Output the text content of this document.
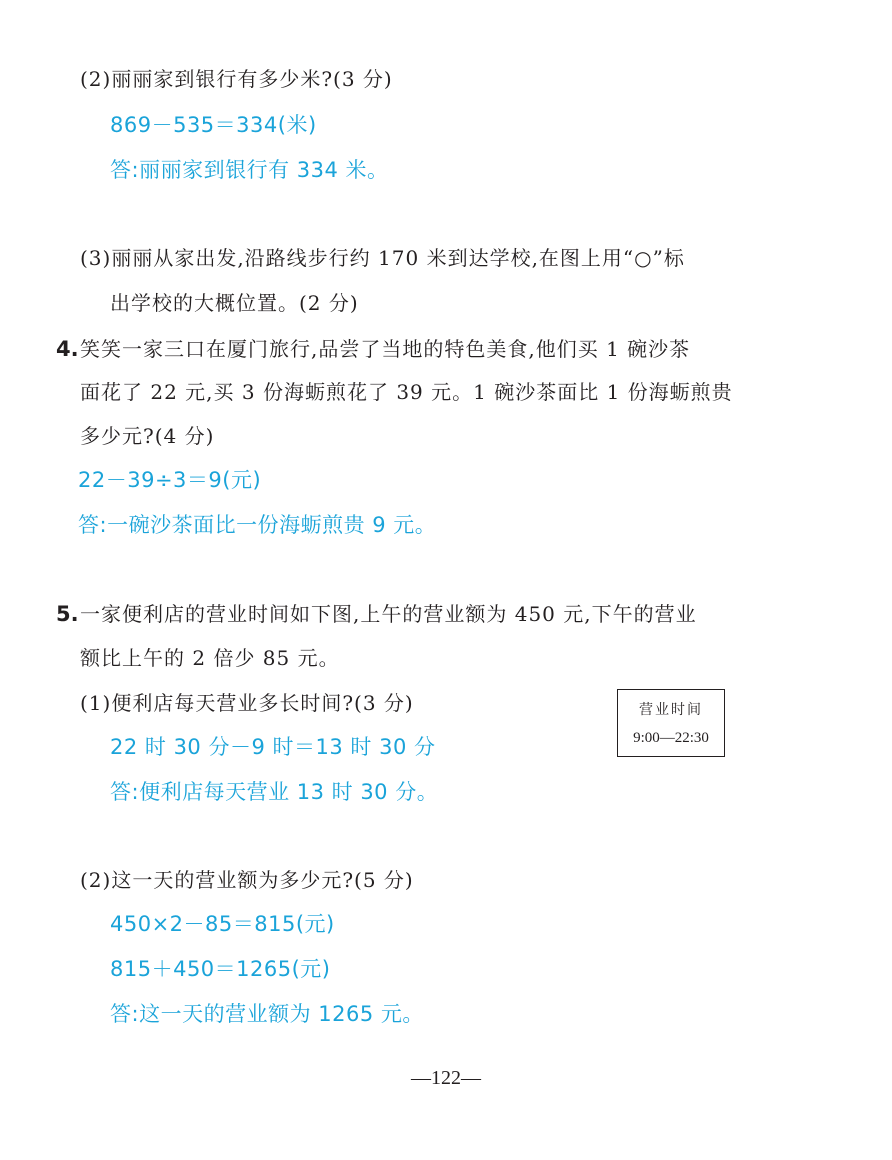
(2)丽丽家到银行有多少米?(3 分)
869－535＝334(米)
答:丽丽家到银行有 334 米。
(3)丽丽从家出发,沿路线步行约 170 米到达学校,在图上用“○”标
出学校的大概位置。(2 分)
4. 笑笑一家三口在厦门旅行,品尝了当地的特色美食,他们买 1 碗沙茶
面花了 22 元,买 3 份海蛎煎花了 39 元。1 碗沙茶面比 1 份海蛎煎贵
多少元?(4 分)
22－39÷3＝9(元)
答:一碗沙茶面比一份海蛎煎贵 9 元。
5. 一家便利店的营业时间如下图,上午的营业额为 450 元,下午的营业
额比上午的 2 倍少 85 元。
营业时间
9:00—22:30
(1)便利店每天营业多长时间?(3 分)
22 时 30 分－9 时＝13 时 30 分
答:便利店每天营业 13 时 30 分。
(2)这一天的营业额为多少元?(5 分)
450×2－85＝815(元)
815＋450＝1265(元)
答:这一天的营业额为 1265 元。
—122—
